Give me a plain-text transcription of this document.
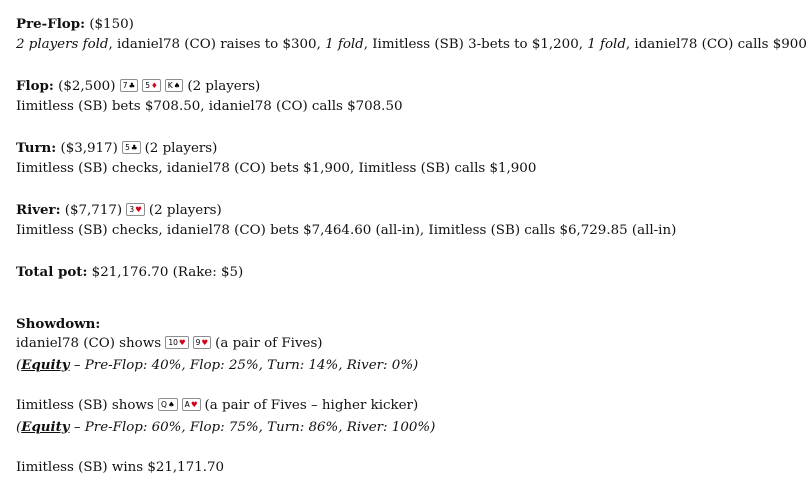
Pre-Flop: ($150)
2 players fold, idaniel78 (CO) raises to $300, 1 fold, Iimitless (SB) 3-bets to $1,200, 1 fold, idaniel78 (CO) calls $900
Flop: ($2,500) 7♣ 5♦ K♠ (2 players)
Iimitless (SB) bets $708.50, idaniel78 (CO) calls $708.50
Turn: ($3,917) 5♣ (2 players)
Iimitless (SB) checks, idaniel78 (CO) bets $1,900, Iimitless (SB) calls $1,900
River: ($7,717) 3♥ (2 players)
Iimitless (SB) checks, idaniel78 (CO) bets $7,464.60 (all-in), Iimitless (SB) calls $6,729.85 (all-in)
Total pot: $21,176.70 (Rake: $5)
Showdown:
idaniel78 (CO) shows 10♥ 9♥ (a pair of Fives)
(Equity – Pre-Flop: 40%, Flop: 25%, Turn: 14%, River: 0%)
Iimitless (SB) shows Q♠ A♥ (a pair of Fives – higher kicker)
(Equity – Pre-Flop: 60%, Flop: 75%, Turn: 86%, River: 100%)
Iimitless (SB) wins $21,171.70
